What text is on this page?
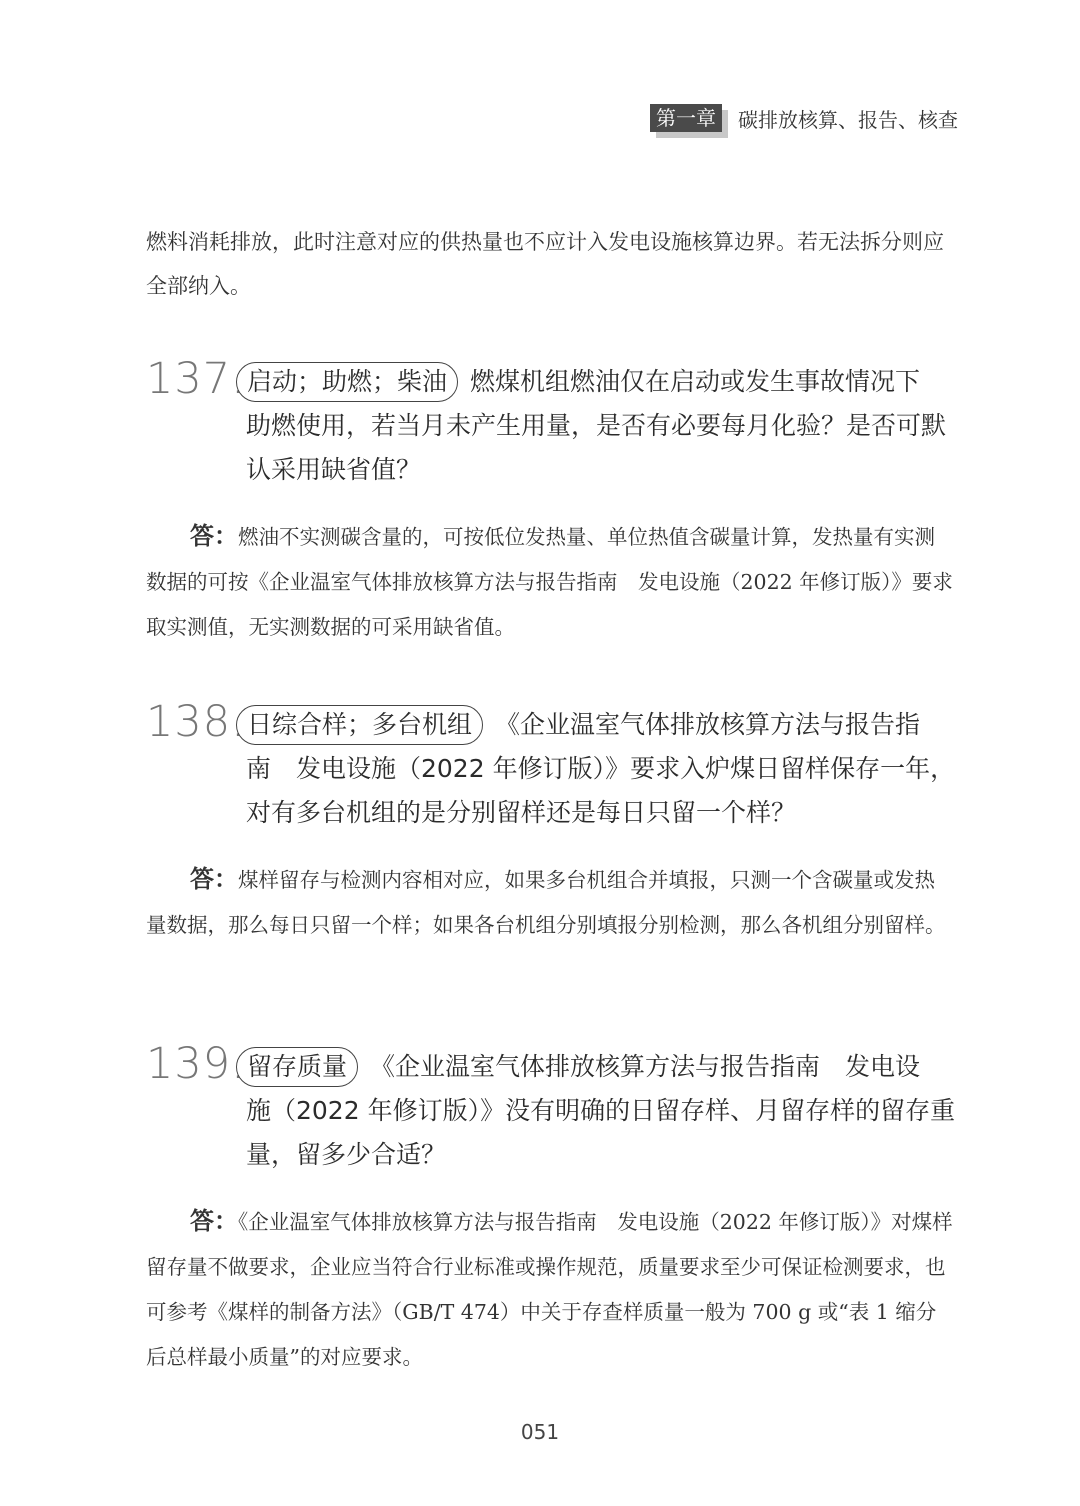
第一章	碳排放核算、报告、核查

燃料消耗排放，此时注意对应的供热量也不应计入发电设施核算边界。若无法拆分则应全部纳入。

137. 启动；助燃；柴油 燃煤机组燃油仅在启动或发生事故情况下

助燃使用，若当月未产生用量，是否有必要每月化验？是否可默认采用缺省值？

答：燃油不实测碳含量的，可按低位发热量、单位热值含碳量计算，发热量有实测数据的可按《企业温室气体排放核算方法与报告指南　发电设施（2022 年修订版）》要求取实测值，无实测数据的可采用缺省值。

138. 日综合样；多台机组 《企业温室气体排放核算方法与报告指

南　发电设施（2022 年修订版）》要求入炉煤日留样保存一年，对有多台机组的是分别留样还是每日只留一个样？

答：煤样留存与检测内容相对应，如果多台机组合并填报，只测一个含碳量或发热量数据，那么每日只留一个样；如果各台机组分别填报分别检测，那么各机组分别留样。

139. 留存质量 《企业温室气体排放核算方法与报告指南　发电设

施（2022 年修订版）》没有明确的日留存样、月留存样的留存重量，留多少合适？

答：《企业温室气体排放核算方法与报告指南　发电设施（2022 年修订版）》对煤样留存量不做要求，企业应当符合行业标准或操作规范，质量要求至少可保证检测要求，也可参考《煤样的制备方法》（GB/T 474）中关于存查样质量一般为 700 g 或“表 1 缩分后总样最小质量”的对应要求。

051
